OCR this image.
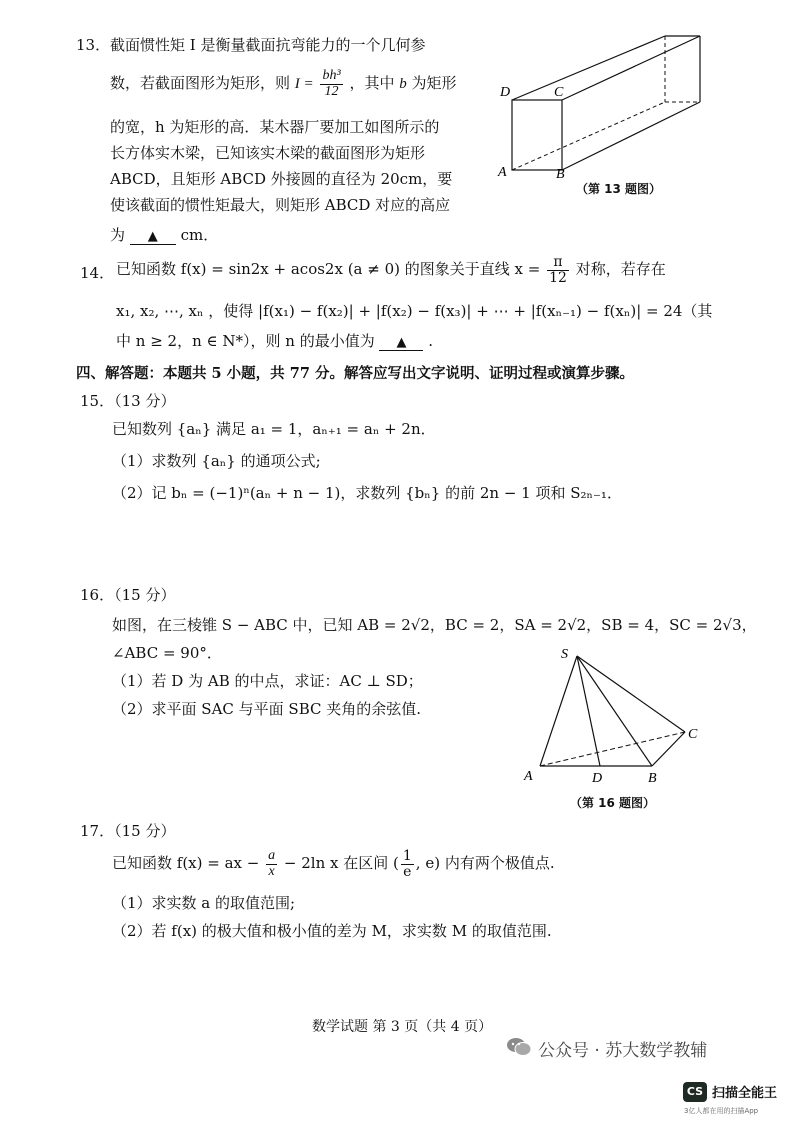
13． 截面惯性矩 I 是衡量截面抗弯能力的一个几何参
数，若截面图形为矩形，则 $I = \frac{\text{bh³}}{12}$ ，其中 b 为矩形
的宽，h 为矩形的高．某木器厂要加工如图所示的
长方体实木梁，已知该实木梁的截面图形为矩形
ABCD，且矩形 ABCD 外接圆的直径为 20cm，要
使该截面的惯性矩最大，则矩形 ABCD 对应的高应
为 ▲ cm．
D	C
A	B
（第 13 题图）
14． 已知函数 f(x) = sin2x + acos2x (a ≠ 0) 的图象关于直线 $x = \frac{\pi}{12}$ 对称，若存在
x₁, x₂, ⋯, xₙ ，使得 |f(x₁) − f(x₂)| + |f(x₂) − f(x₃)| + ⋯ + |f(xₙ₋₁) − f(xₙ)| = 24（其
中 n ≥ 2，n ∈ N*），则 n 的最小值为 ▲ .
四、解答题：本题共 5 小题，共 77 分。解答应写出文字说明、证明过程或演算步骤。
15．（13 分）
已知数列 {aₙ} 满足 a₁ = 1，aₙ₊₁ = aₙ + 2n．
（1）求数列 {aₙ} 的通项公式;
（2）记 bₙ = (−1)ⁿ(aₙ + n − 1)，求数列 {bₙ} 的前 2n − 1 项和 S₂ₙ₋₁．
16．（15 分）
如图，在三棱锥 S − ABC 中，已知 AB = 2√2，BC = 2，SA = 2√2，SB = 4，SC = 2√3，
∠ABC = 90°．
（1）若 D 为 AB 的中点，求证：AC ⊥ SD；
（2）求平面 SAC 与平面 SBC 夹角的余弦值.
S
A	D	B
C
（第 16 题图）
17．（15 分）
已知函数 f(x) = ax − $\frac{a}{x} - 2\ln$ x 在区间 ( $\frac{1}{e}$ , e) 内有两个极值点.
（1）求实数 a 的取值范围;
（2）若 f(x) 的极大值和极小值的差为 M，求实数 M 的取值范围.
数学试题 第 3 页（共 4 页）
公众号 · 苏大数学教辅
CS 扫描全能王
3亿人都在用的扫描App
